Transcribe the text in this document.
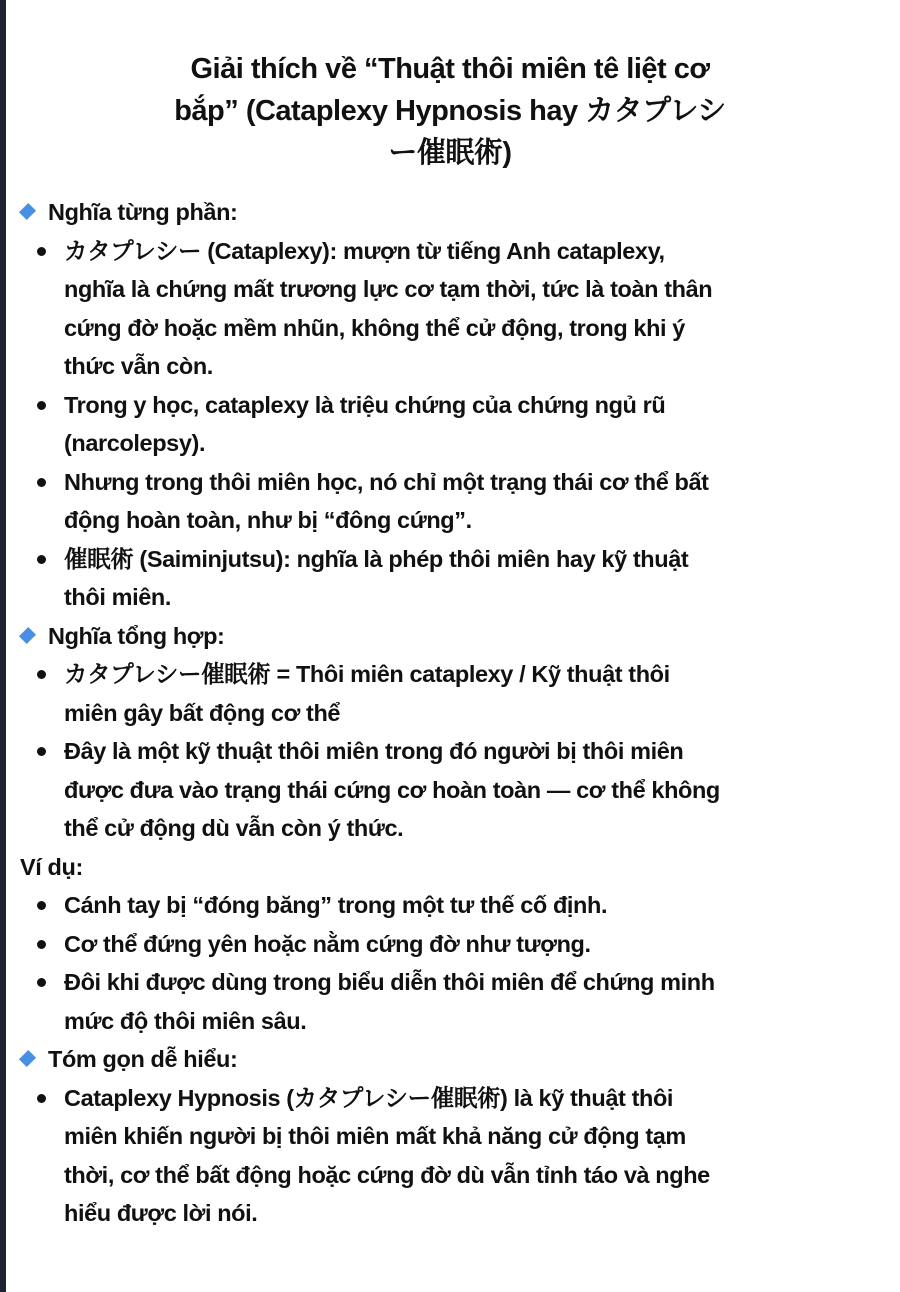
Giải thích về “Thuật thôi miên tê liệt cơ
bắp” (Cataplexy Hypnosis hay カタプレシ
ー催眠術)
Nghĩa từng phần:
カタプレシー (Cataplexy): mượn từ tiếng Anh cataplexy,
nghĩa là chứng mất trương lực cơ tạm thời, tức là toàn thân
cứng đờ hoặc mềm nhũn, không thể cử động, trong khi ý
thức vẫn còn.
Trong y học, cataplexy là triệu chứng của chứng ngủ rũ
(narcolepsy).
Nhưng trong thôi miên học, nó chỉ một trạng thái cơ thể bất
động hoàn toàn, như bị “đông cứng”.
催眠術 (Saiminjutsu): nghĩa là phép thôi miên hay kỹ thuật
thôi miên.
Nghĩa tổng hợp:
カタプレシー催眠術 = Thôi miên cataplexy / Kỹ thuật thôi
miên gây bất động cơ thể
Đây là một kỹ thuật thôi miên trong đó người bị thôi miên
được đưa vào trạng thái cứng cơ hoàn toàn — cơ thể không
thể cử động dù vẫn còn ý thức.
Ví dụ:
Cánh tay bị “đóng băng” trong một tư thế cố định.
Cơ thể đứng yên hoặc nằm cứng đờ như tượng.
Đôi khi được dùng trong biểu diễn thôi miên để chứng minh
mức độ thôi miên sâu.
Tóm gọn dễ hiểu:
Cataplexy Hypnosis (カタプレシー催眠術) là kỹ thuật thôi
miên khiến người bị thôi miên mất khả năng cử động tạm
thời, cơ thể bất động hoặc cứng đờ dù vẫn tỉnh táo và nghe
hiểu được lời nói.
